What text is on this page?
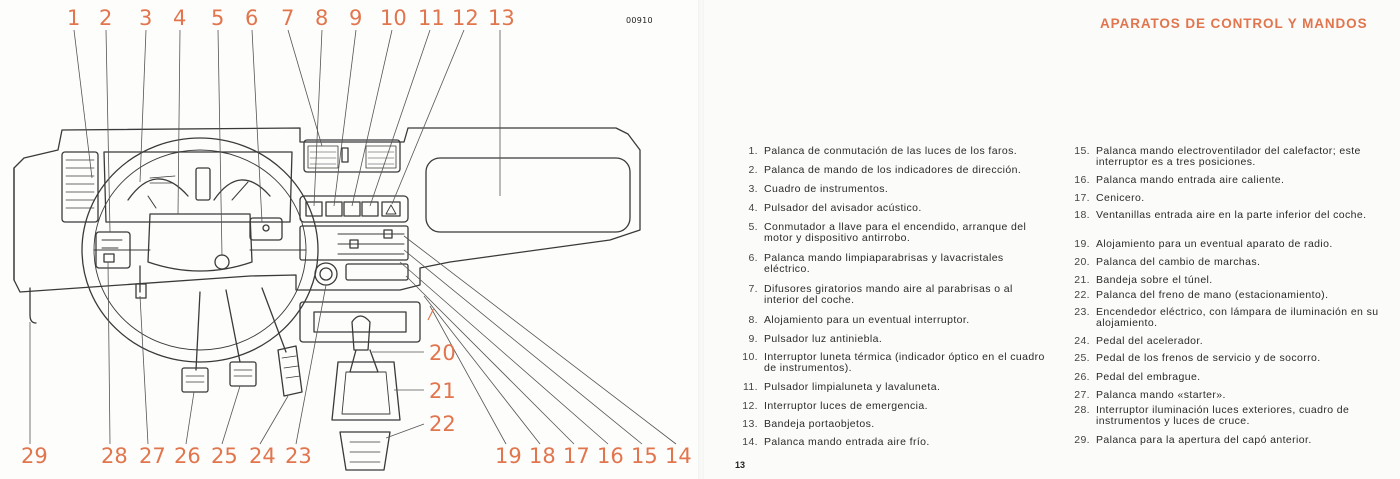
00910
1 2 3 4 5 6 7 8 9 10 11 12 13
29	28 27 26 25 24 23	19 18 17 16 15 14
20
21
22
APARATOS DE CONTROL Y MANDOS
1. Palanca de conmutación de las luces de los faros.
2. Palanca de mando de los indicadores de dirección.
3. Cuadro de instrumentos.
4. Pulsador del avisador acústico.
5. Conmutador a llave para el encendido, arranque del motor y dispositivo antirrobo.
6. Palanca mando limpiaparabrisas y lavacristales eléctrico.
7. Difusores giratorios mando aire al parabrisas o al interior del coche.
8. Alojamiento para un eventual interruptor.
9. Pulsador luz antiniebla.
10. Interruptor luneta térmica (indicador óptico en el cuadro de instrumentos).
11. Pulsador limpialuneta y lavaluneta.
12. Interruptor luces de emergencia.
13. Bandeja portaobjetos.
14. Palanca mando entrada aire frío.
15. Palanca mando electroventilador del calefactor; este interruptor es a tres posiciones.
16. Palanca mando entrada aire caliente.
17. Cenicero.
18. Ventanillas entrada aire en la parte inferior del coche.
19. Alojamiento para un eventual aparato de radio.
20. Palanca del cambio de marchas.
21. Bandeja sobre el túnel.
22. Palanca del freno de mano (estacionamiento).
23. Encendedor eléctrico, con lámpara de iluminación en su alojamiento.
24. Pedal del acelerador.
25. Pedal de los frenos de servicio y de socorro.
26. Pedal del embrague.
27. Palanca mando «starter».
28. Interruptor iluminación luces exteriores, cuadro de instrumentos y luces de cruce.
29. Palanca para la apertura del capó anterior.
13
